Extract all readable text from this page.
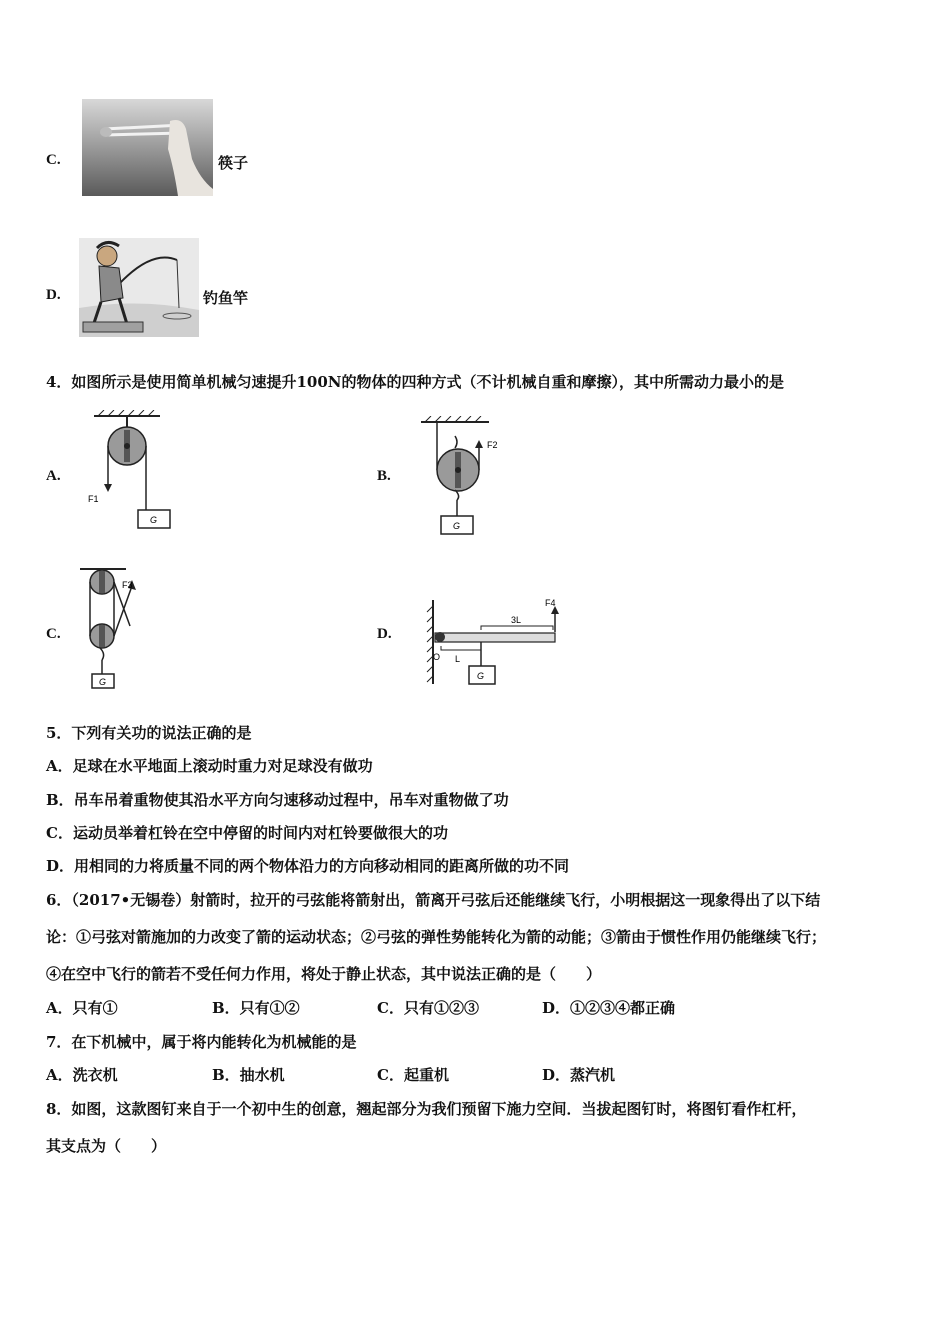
C.	筷子
D.	钓鱼竿
4．如图所示是使用简单机械匀速提升100N的物体的四种方式（不计机械自重和摩擦），其中所需动力最小的是
A.
F1
G
B.
F2
G
C.
F3
G
D.
O
F4
3L
L
G
5．下列有关功的说法正确的是
A．足球在水平地面上滚动时重力对足球没有做功
B．吊车吊着重物使其沿水平方向匀速移动过程中，吊车对重物做了功
C．运动员举着杠铃在空中停留的时间内对杠铃要做很大的功
D．用相同的力将质量不同的两个物体沿力的方向移动相同的距离所做的功不同
6．（2017•无锡卷）射箭时，拉开的弓弦能将箭射出，箭离开弓弦后还能继续飞行，小明根据这一现象得出了以下结
论：①弓弦对箭施加的力改变了箭的运动状态；②弓弦的弹性势能转化为箭的动能；③箭由于惯性作用仍能继续飞行；
④在空中飞行的箭若不受任何力作用，将处于静止状态，其中说法正确的是（　　）
A．只有①	B．只有①②	C．只有①②③	D．①②③④都正确
7．在下机械中，属于将内能转化为机械能的是
A．洗衣机	B．抽水机	C．起重机	D．蒸汽机
8．如图，这款图钉来自于一个初中生的创意，翘起部分为我们预留下施力空间．当拔起图钉时，将图钉看作杠杆，
其支点为（　　）
